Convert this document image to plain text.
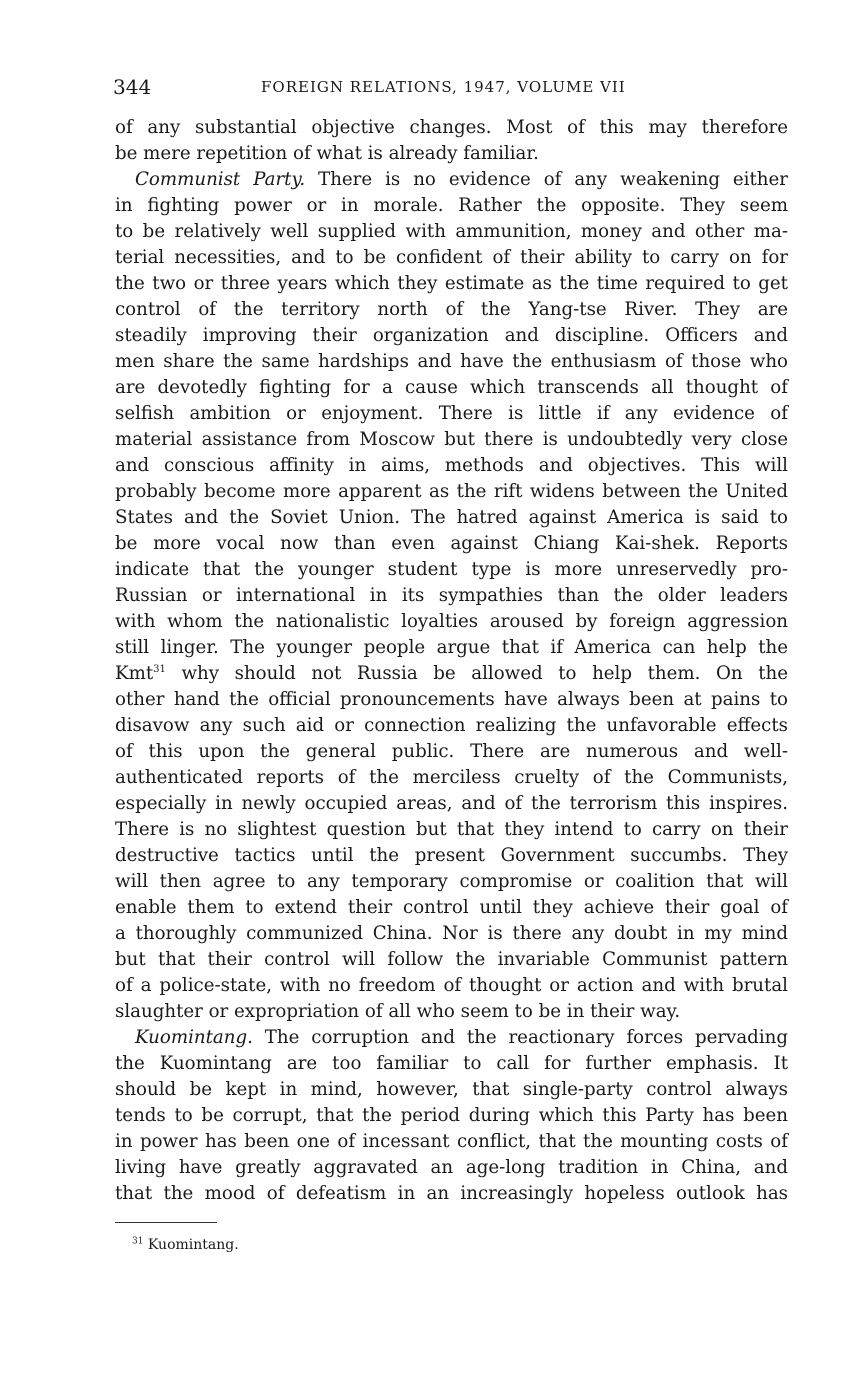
344	FOREIGN RELATIONS, 1947, VOLUME VII
of any substantial objective changes. Most of this may therefore
be mere repetition of what is already familiar.
Communist Party. There is no evidence of any weakening either
in fighting power or in morale. Rather the opposite. They seem
to be relatively well supplied with ammunition, money and other ma-
terial necessities, and to be confident of their ability to carry on for
the two or three years which they estimate as the time required to get
control of the territory north of the Yang-tse River. They are
steadily improving their organization and discipline. Officers and
men share the same hardships and have the enthusiasm of those who
are devotedly fighting for a cause which transcends all thought of
selfish ambition or enjoyment. There is little if any evidence of
material assistance from Moscow but there is undoubtedly very close
and conscious affinity in aims, methods and objectives. This will
probably become more apparent as the rift widens between the United
States and the Soviet Union. The hatred against America is said to
be more vocal now than even against Chiang Kai-shek. Reports
indicate that the younger student type is more unreservedly pro-
Russian or international in its sympathies than the older leaders
with whom the nationalistic loyalties aroused by foreign aggression
still linger. The younger people argue that if America can help the
Kmt$^{31}$ why should not Russia be allowed to help them. On the
other hand the official pronouncements have always been at pains to
disavow any such aid or connection realizing the unfavorable effects
of this upon the general public. There are numerous and well-
authenticated reports of the merciless cruelty of the Communists,
especially in newly occupied areas, and of the terrorism this inspires.
There is no slightest question but that they intend to carry on their
destructive tactics until the present Government succumbs. They
will then agree to any temporary compromise or coalition that will
enable them to extend their control until they achieve their goal of
a thoroughly communized China. Nor is there any doubt in my mind
but that their control will follow the invariable Communist pattern
of a police-state, with no freedom of thought or action and with brutal
slaughter or expropriation of all who seem to be in their way.
Kuomintang. The corruption and the reactionary forces pervading
the Kuomintang are too familiar to call for further emphasis. It
should be kept in mind, however, that single-party control always
tends to be corrupt, that the period during which this Party has been
in power has been one of incessant conflict, that the mounting costs of
living have greatly aggravated an age-long tradition in China, and
that the mood of defeatism in an increasingly hopeless outlook has
$^{31}$ Kuomintang.
